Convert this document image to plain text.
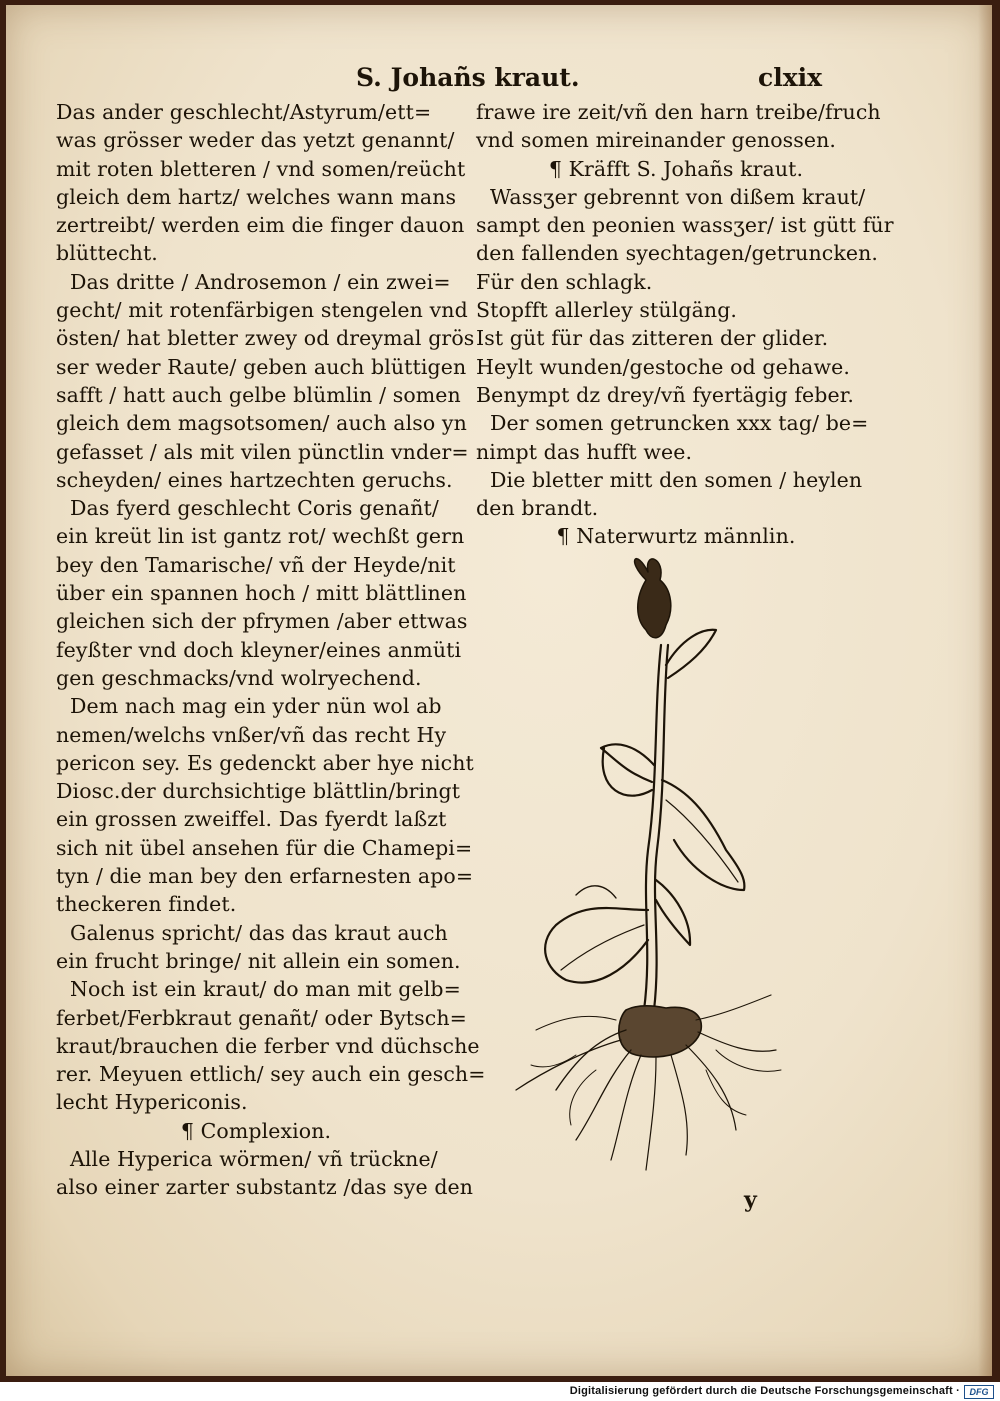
S. Johañs kraut.	clxix
Das ander geschlecht/Astyrum/ett=
was grösser weder das yetzt genannt/
mit roten bletteren / vnd somen/reücht
gleich dem hartz/ welches wann mans
zertreibt/ werden eim die finger dauon
blüttecht.
Das dritte / Androsemon / ein zwei=
gecht/ mit rotenfärbigen stengelen vnd
östen/ hat bletter zwey od dreymal grös
ser weder Raute/ geben auch blüttigen
safft / hatt auch gelbe blümlin / somen
gleich dem magsotsomen/ auch also yn
gefasset / als mit vilen pünctlin vnder=
scheyden/ eines hartzechten geruchs.
Das fyerd geschlecht Coris genañt/
ein kreüt lin ist gantz rot/ wechßt gern
bey den Tamarische/ vñ der Heyde/nit
über ein spannen hoch / mitt blättlinen
gleichen sich der pfrymen /aber ettwas
feyßter vnd doch kleyner/eines anmüti
gen geschmacks/vnd wolryechend.
Dem nach mag ein yder nün wol ab
nemen/welchs vnßer/vñ das recht Hy
pericon sey. Es gedenckt aber hye nicht
Diosc.der durchsichtige blättlin/bringt
ein grossen zweiffel. Das fyerdt laßzt
sich nit übel ansehen für die Chamepi=
tyn / die man bey den erfarnesten apo=
theckeren findet.
Galenus spricht/ das das kraut auch
ein frucht bringe/ nit allein ein somen.
Noch ist ein kraut/ do man mit gelb=
ferbet/Ferbkraut genañt/ oder Bytsch=
kraut/brauchen die ferber vnd düchsche
rer. Meyuen ettlich/ sey auch ein gesch=
lecht Hypericonis.
¶ Complexion.
Alle Hyperica wörmen/ vñ trückne/
also einer zarter substantz /das sye den
frawe ire zeit/vñ den harn treibe/fruch
vnd somen mireinander genossen.
¶ Kräfft S. Johañs kraut.
Wassʒer gebrennt von dißem kraut/
sampt den peonien wassʒer/ ist gütt für
den fallenden syechtagen/getruncken.
Für den schlagk.
Stopfft allerley stülgäng.
Ist güt für das zitteren der glider.
Heylt wunden/gestoche od gehawe.
Benympt dz drey/vñ fyertägig feber.
Der somen getruncken xxx tag/ be=
nimpt das hufft wee.
Die bletter mitt den somen / heylen
den brandt.
¶ Naterwurtz männlin.
y
Digitalisierung gefördert durch die Deutsche Forschungsgemeinschaft ·	DFG
